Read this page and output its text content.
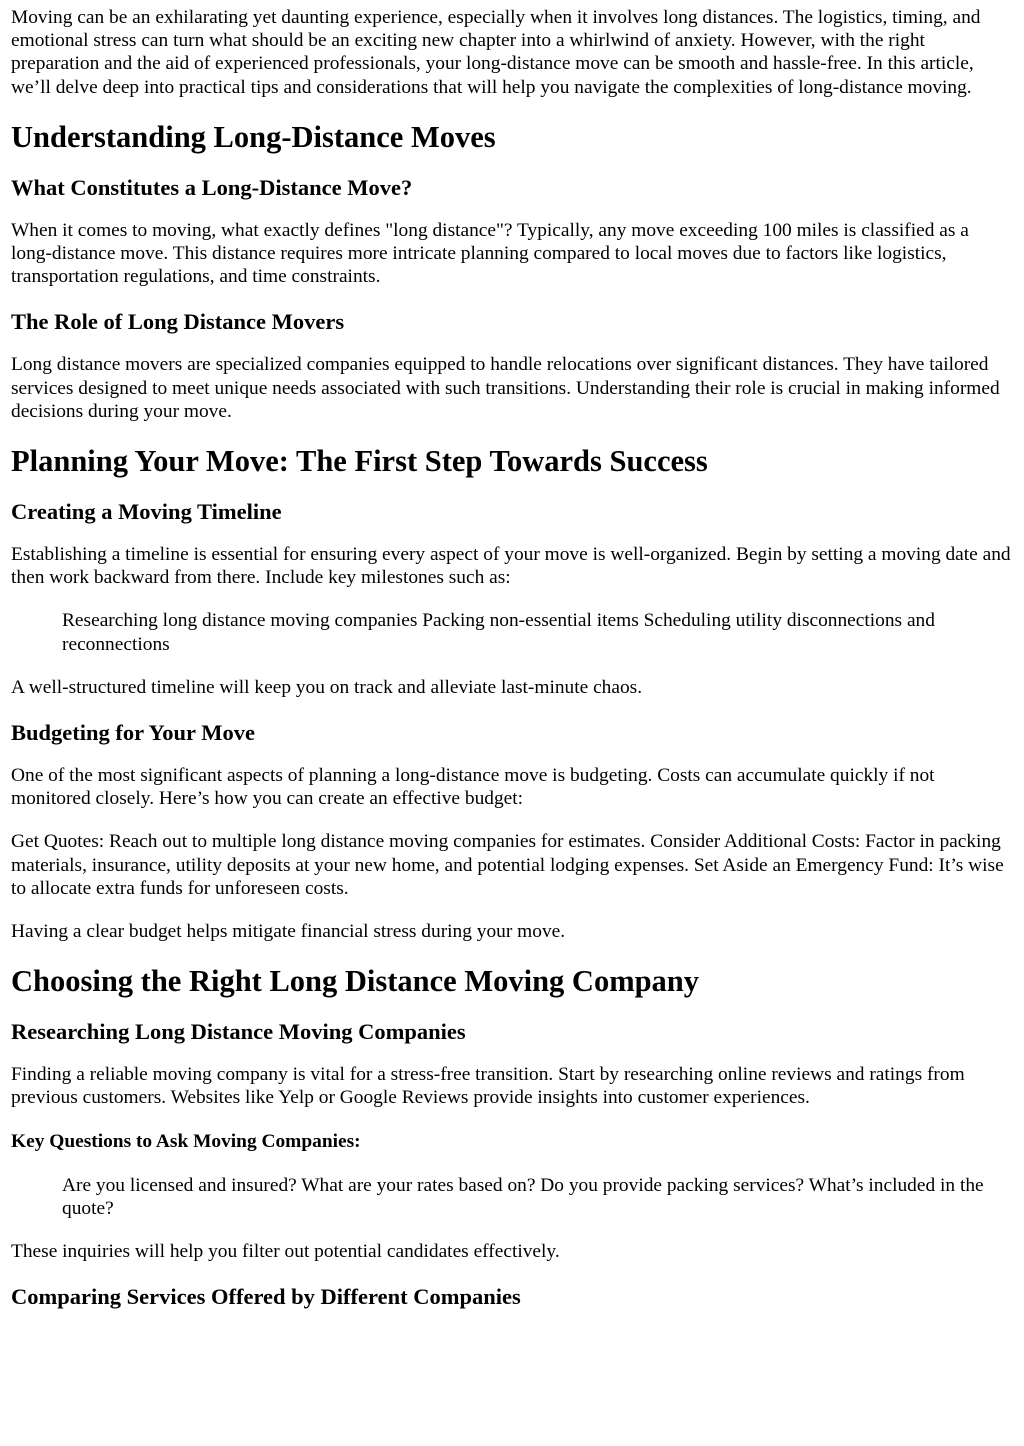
Moving can be an exhilarating yet daunting experience, especially when it involves long distances. The logistics, timing, and emotional stress can turn what should be an exciting new chapter into a whirlwind of anxiety. However, with the right preparation and the aid of experienced professionals, your long-distance move can be smooth and hassle-free. In this article, we’ll delve deep into practical tips and considerations that will help you navigate the complexities of long-distance moving.

Understanding Long-Distance Moves
What Constitutes a Long-Distance Move?

When it comes to moving, what exactly defines "long distance"? Typically, any move exceeding 100 miles is classified as a long-distance move. This distance requires more intricate planning compared to local moves due to factors like logistics, transportation regulations, and time constraints.

The Role of Long Distance Movers

Long distance movers are specialized companies equipped to handle relocations over significant distances. They have tailored services designed to meet unique needs associated with such transitions. Understanding their role is crucial in making informed decisions during your move.

Planning Your Move: The First Step Towards Success
Creating a Moving Timeline

Establishing a timeline is essential for ensuring every aspect of your move is well-organized. Begin by setting a moving date and then work backward from there. Include key milestones such as:

Researching long distance moving companies Packing non-essential items Scheduling utility disconnections and reconnections

A well-structured timeline will keep you on track and alleviate last-minute chaos.

Budgeting for Your Move

One of the most significant aspects of planning a long-distance move is budgeting. Costs can accumulate quickly if not monitored closely. Here’s how you can create an effective budget:

Get Quotes: Reach out to multiple long distance moving companies for estimates. Consider Additional Costs: Factor in packing materials, insurance, utility deposits at your new home, and potential lodging expenses. Set Aside an Emergency Fund: It’s wise to allocate extra funds for unforeseen costs.

Having a clear budget helps mitigate financial stress during your move.

Choosing the Right Long Distance Moving Company
Researching Long Distance Moving Companies

Finding a reliable moving company is vital for a stress-free transition. Start by researching online reviews and ratings from previous customers. Websites like Yelp or Google Reviews provide insights into customer experiences.

Key Questions to Ask Moving Companies:
Are you licensed and insured? What are your rates based on? Do you provide packing services? What’s included in the quote?

These inquiries will help you filter out potential candidates effectively.

Comparing Services Offered by Different Companies
